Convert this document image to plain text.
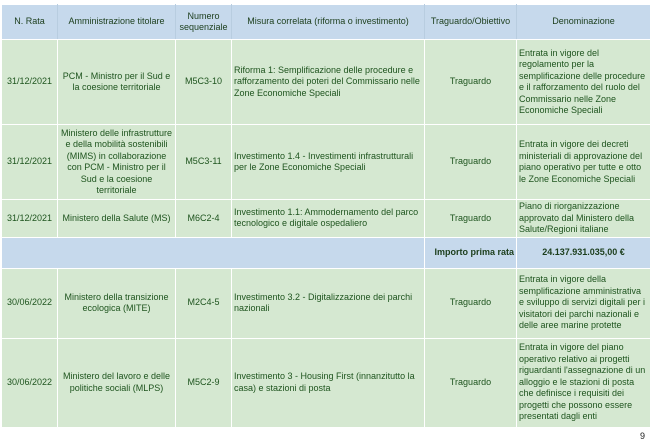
N. Rata	Amministrazione titolare	Numero sequenziale	Misura correlata (riforma o investimento)	Traguardo/Obiettivo	Denominazione
31/12/2021	PCM - Ministro per il Sud e la coesione territoriale	M5C3-10	Riforma 1: Semplificazione delle procedure e rafforzamento dei poteri del Commissario nelle Zone Economiche Speciali	Traguardo	Entrata in vigore del regolamento per la semplificazione delle procedure e il rafforzamento del ruolo del Commissario nelle Zone Economiche Speciali
31/12/2021	Ministero delle infrastrutture e della mobilità sostenibili (MIMS) in collaborazione con PCM - Ministro per il Sud e la coesione territoriale	M5C3-11	Investimento 1.4 - Investimenti infrastrutturali per le Zone Economiche Speciali	Traguardo	Entrata in vigore dei decreti ministeriali di approvazione del piano operativo per tutte e otto le Zone Economiche Speciali
31/12/2021	Ministero della Salute (MS)	M6C2-4	Investimento 1.1: Ammodernamento del parco tecnologico e digitale ospedaliero	Traguardo	Piano di riorganizzazione approvato dal Ministero della Salute/Regioni italiane
				Importo prima rata	24.137.931.035,00 €
30/06/2022	Ministero della transizione ecologica (MITE)	M2C4-5	Investimento 3.2 - Digitalizzazione dei parchi nazionali	Traguardo	Entrata in vigore della semplificazione amministrativa e sviluppo di servizi digitali per i visitatori dei parchi nazionali e delle aree marine protette
30/06/2022	Ministero del lavoro e delle politiche sociali (MLPS)	M5C2-9	Investimento 3 - Housing First (innanzitutto la casa) e stazioni di posta	Traguardo	Entrata in vigore del piano operativo relativo ai progetti riguardanti l'assegnazione di un alloggio e le stazioni di posta che definisce i requisiti dei progetti che possono essere presentati dagli enti
9
